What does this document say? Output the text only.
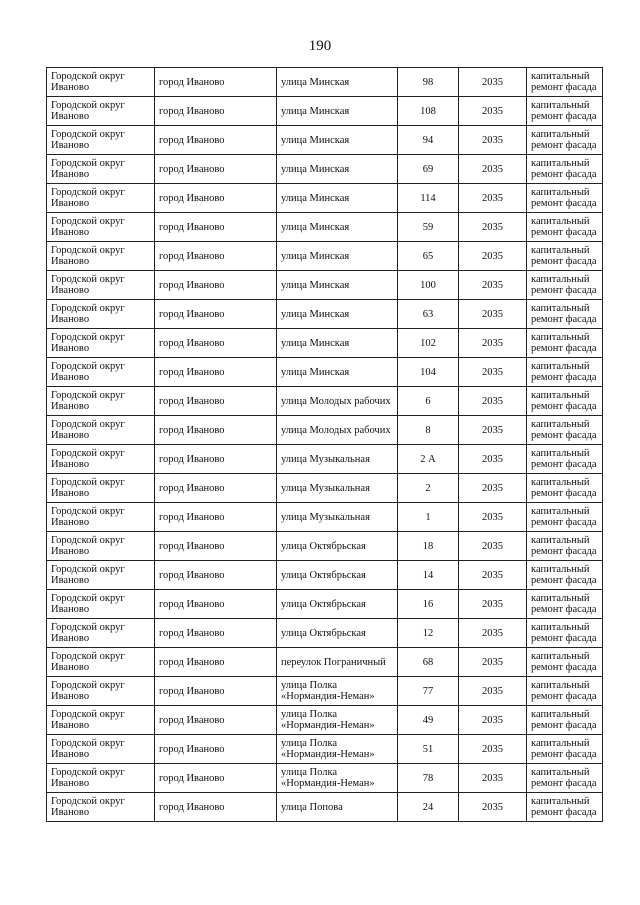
190
Городской округ Иваново	город Иваново	улица Минская	98	2035	капитальный ремонт фасада
Городской округ Иваново	город Иваново	улица Минская	108	2035	капитальный ремонт фасада
Городской округ Иваново	город Иваново	улица Минская	94	2035	капитальный ремонт фасада
Городской округ Иваново	город Иваново	улица Минская	69	2035	капитальный ремонт фасада
Городской округ Иваново	город Иваново	улица Минская	114	2035	капитальный ремонт фасада
Городской округ Иваново	город Иваново	улица Минская	59	2035	капитальный ремонт фасада
Городской округ Иваново	город Иваново	улица Минская	65	2035	капитальный ремонт фасада
Городской округ Иваново	город Иваново	улица Минская	100	2035	капитальный ремонт фасада
Городской округ Иваново	город Иваново	улица Минская	63	2035	капитальный ремонт фасада
Городской округ Иваново	город Иваново	улица Минская	102	2035	капитальный ремонт фасада
Городской округ Иваново	город Иваново	улица Минская	104	2035	капитальный ремонт фасада
Городской округ Иваново	город Иваново	улица Молодых рабочих	6	2035	капитальный ремонт фасада
Городской округ Иваново	город Иваново	улица Молодых рабочих	8	2035	капитальный ремонт фасада
Городской округ Иваново	город Иваново	улица Музыкальная	2 А	2035	капитальный ремонт фасада
Городской округ Иваново	город Иваново	улица Музыкальная	2	2035	капитальный ремонт фасада
Городской округ Иваново	город Иваново	улица Музыкальная	1	2035	капитальный ремонт фасада
Городской округ Иваново	город Иваново	улица Октябрьская	18	2035	капитальный ремонт фасада
Городской округ Иваново	город Иваново	улица Октябрьская	14	2035	капитальный ремонт фасада
Городской округ Иваново	город Иваново	улица Октябрьская	16	2035	капитальный ремонт фасада
Городской округ Иваново	город Иваново	улица Октябрьская	12	2035	капитальный ремонт фасада
Городской округ Иваново	город Иваново	переулок Пограничный	68	2035	капитальный ремонт фасада
Городской округ Иваново	город Иваново	улица Полка «Нормандия-Неман»	77	2035	капитальный ремонт фасада
Городской округ Иваново	город Иваново	улица Полка «Нормандия-Неман»	49	2035	капитальный ремонт фасада
Городской округ Иваново	город Иваново	улица Полка «Нормандия-Неман»	51	2035	капитальный ремонт фасада
Городской округ Иваново	город Иваново	улица Полка «Нормандия-Неман»	78	2035	капитальный ремонт фасада
Городской округ Иваново	город Иваново	улица Попова	24	2035	капитальный ремонт фасада
